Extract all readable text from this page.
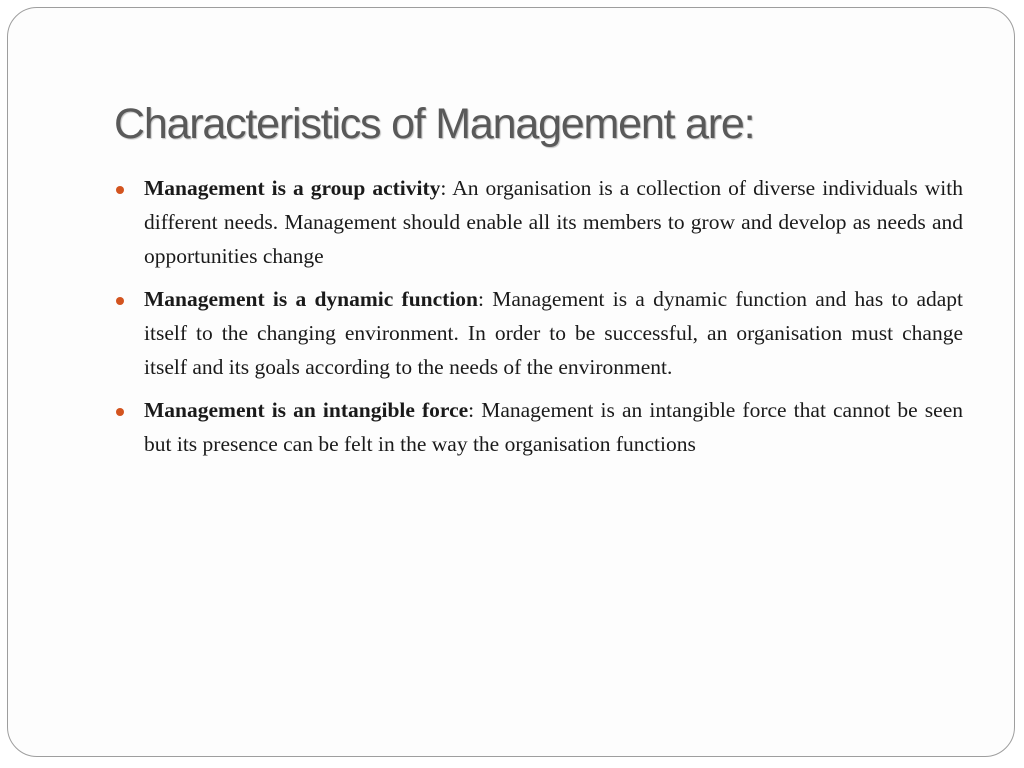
Characteristics of Management are:
Management is a group activity: An organisation is a collection of diverse individuals with different needs. Management should enable all its members to grow and develop as needs and opportunities change
Management is a dynamic function: Management is a dynamic function and has to adapt itself to the changing environment. In order to be successful, an organisation must change itself and its goals according to the needs of the environment.
Management is an intangible force: Management is an intangible force that cannot be seen but its presence can be felt in the way the organisation functions
